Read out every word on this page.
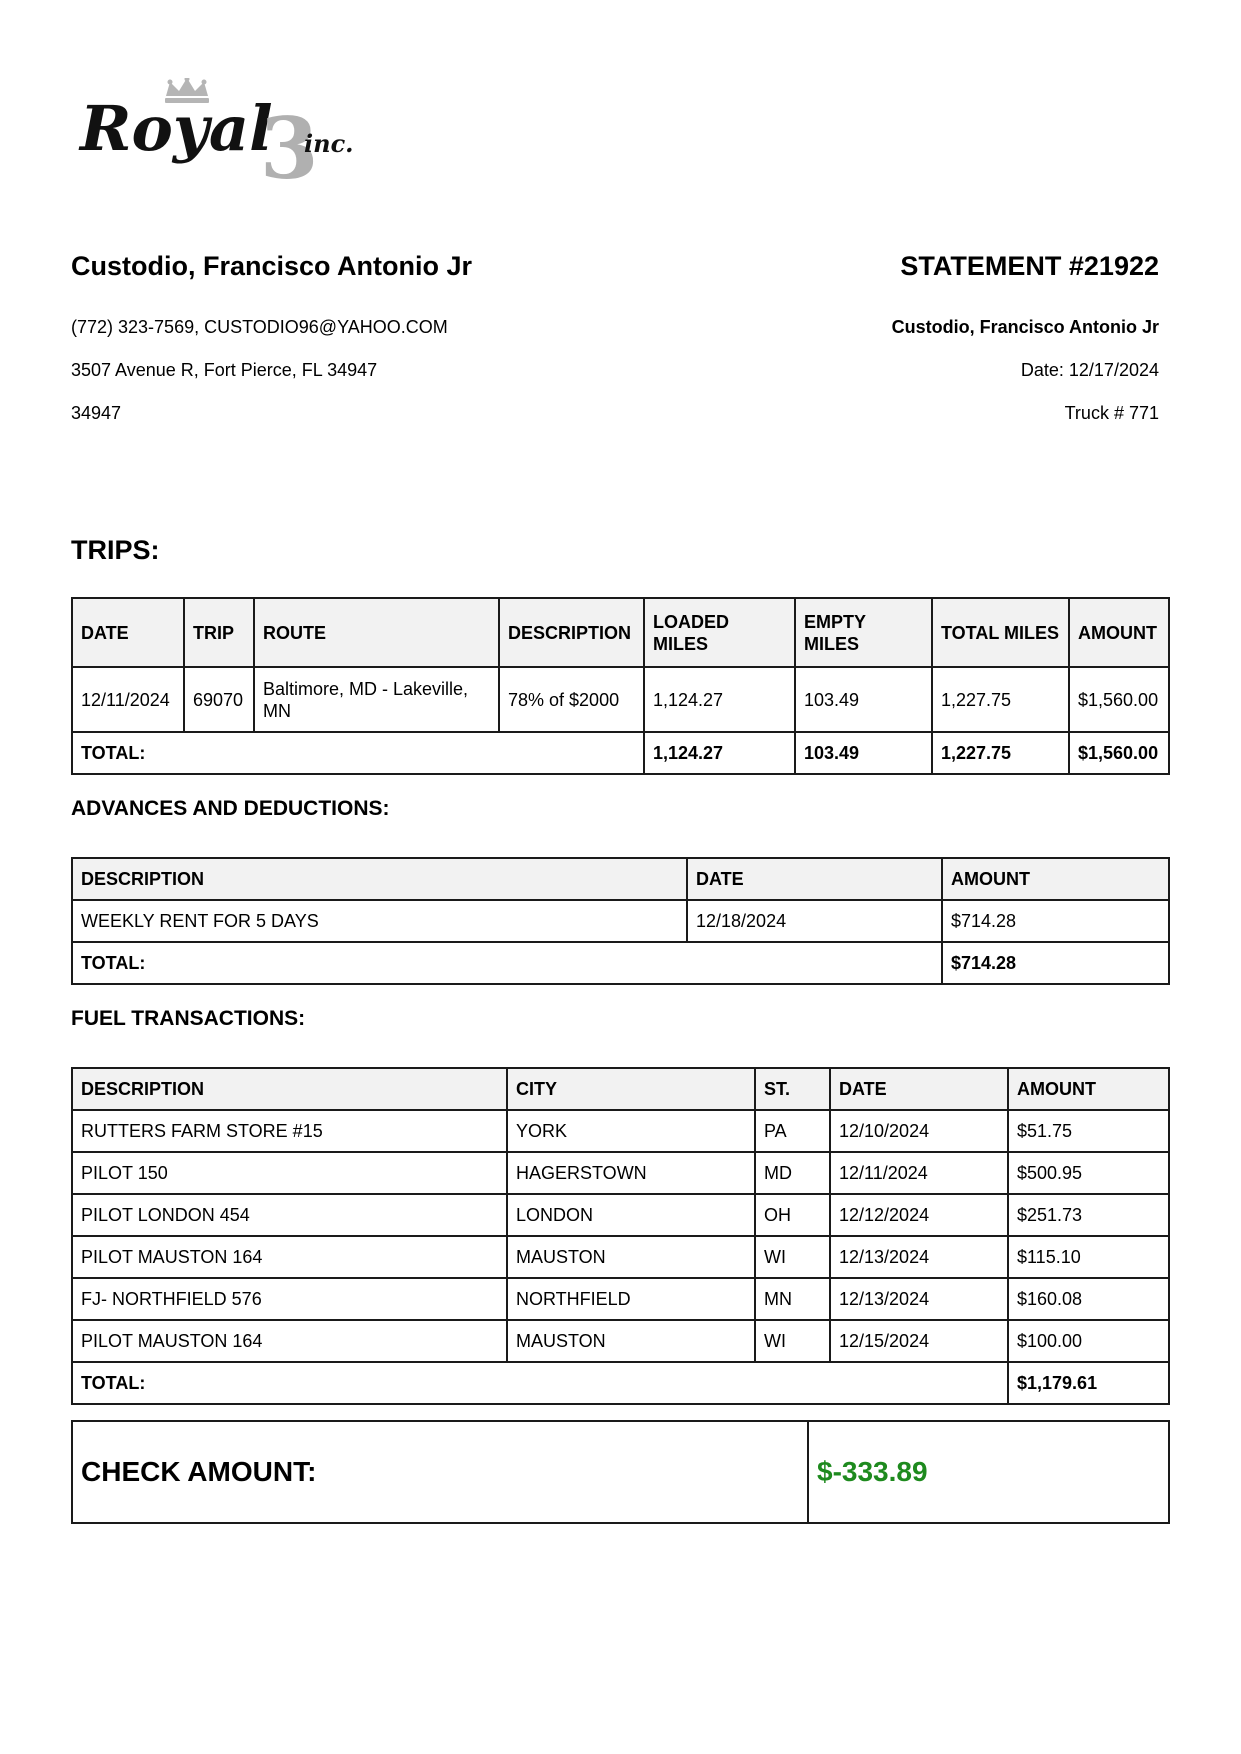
Royal
3
inc.
Custodio, Francisco Antonio Jr
(772) 323-7569, CUSTODIO96@YAHOO.COM
3507 Avenue R, Fort Pierce, FL 34947
34947
STATEMENT #21922
Custodio, Francisco Antonio Jr
Date: 12/17/2024
Truck # 771
TRIPS:
DATE	TRIP	ROUTE	DESCRIPTION	LOADED MILES	EMPTY MILES	TOTAL MILES	AMOUNT
12/11/2024	69070	Baltimore, MD - Lakeville, MN	78% of $2000	1,124.27	103.49	1,227.75	$1,560.00
TOTAL:				1,124.27	103.49	1,227.75	$1,560.00
ADVANCES AND DEDUCTIONS:
DESCRIPTION	DATE	AMOUNT
WEEKLY RENT FOR 5 DAYS	12/18/2024	$714.28
TOTAL:		$714.28
FUEL TRANSACTIONS:
DESCRIPTION	CITY	ST.	DATE	AMOUNT
RUTTERS FARM STORE #15	YORK	PA	12/10/2024	$51.75
PILOT 150	HAGERSTOWN	MD	12/11/2024	$500.95
PILOT LONDON 454	LONDON	OH	12/12/2024	$251.73
PILOT MAUSTON 164	MAUSTON	WI	12/13/2024	$115.10
FJ- NORTHFIELD 576	NORTHFIELD	MN	12/13/2024	$160.08
PILOT MAUSTON 164	MAUSTON	WI	12/15/2024	$100.00
TOTAL:				$1,179.61
CHECK AMOUNT:	$-333.89
